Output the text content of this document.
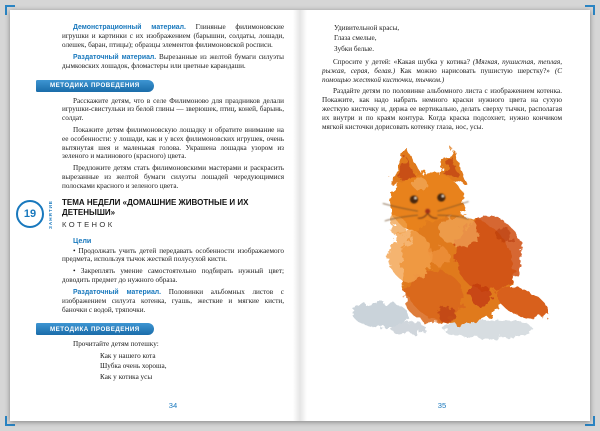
Демонстрационный материал. Глиняные филимоновские игрушки и картинки с их изображением (барышни, солдаты, лошади, олешек, баран, птицы); образцы элементов филимоновской росписи.

Раздаточный материал. Вырезанные из желтой бумаги силуэты дымковских лошадок, фломастеры или цветные карандаши.

МЕТОДИКА ПРОВЕДЕНИЯ

Расскажите детям, что в селе Филимоново для праздников делали игрушки-свистульки из белой глины — зверюшек, птиц, коней, барынь, солдат.

Покажите детям филимоновскую лошадку и обратите внимание на ее особенности: у лошади, как и у всех филимоновских игрушек, очень вытянутая шея и маленькая голова. Украшена лошадка узором из зеленого и малинового (красного) цвета.

Предложите детям стать филимоновскими мастерами и раскрасить вырезанные из желтой бумаги силуэты лошадей чередующимися полосками красного и зеленого цвета.

19	ЗАНЯТИЕ ТЕМА НЕДЕЛИ «ДОМАШНИЕ ЖИВОТНЫЕ И ИХ ДЕТЕНЫШИ»
КОТЕНОК
Цели

• Продолжать учить детей передавать особенности изображаемого предмета, используя тычок жесткой полусухой кисти.

• Закреплять умение самостоятельно подбирать нужный цвет; доводить предмет до нужного образа.

Раздаточный материал. Половинки альбомных листов с изображением силуэта котенка, гуашь, жесткие и мягкие кисти, баночки с водой, тряпочки.

МЕТОДИКА ПРОВЕДЕНИЯ

Прочитайте детям потешку:

Как у нашего кота

Шубка очень хороша,

Как у котика усы

34

Удивительной красы,

Глаза смелые,

Зубки белые.

Спросите у детей: «Какая шубка у котика? (Мягкая, пушистая, теплая, рыжая, серая, белая.) Как можно нарисовать пушистую шерстку?» (С помощью жесткой кисточки, тычком.)

Раздайте детям по половинке альбомного листа с изображением котенка. Покажите, как надо набрать немного краски нужного цвета на сухую жесткую кисточку и, держа ее вертикально, делать сверху тычки, располагая их внутри и по краям контура. Когда краска подсохнет, нужно кончиком мягкой кисточки дорисовать котенку глаза, нос, усы.

35
